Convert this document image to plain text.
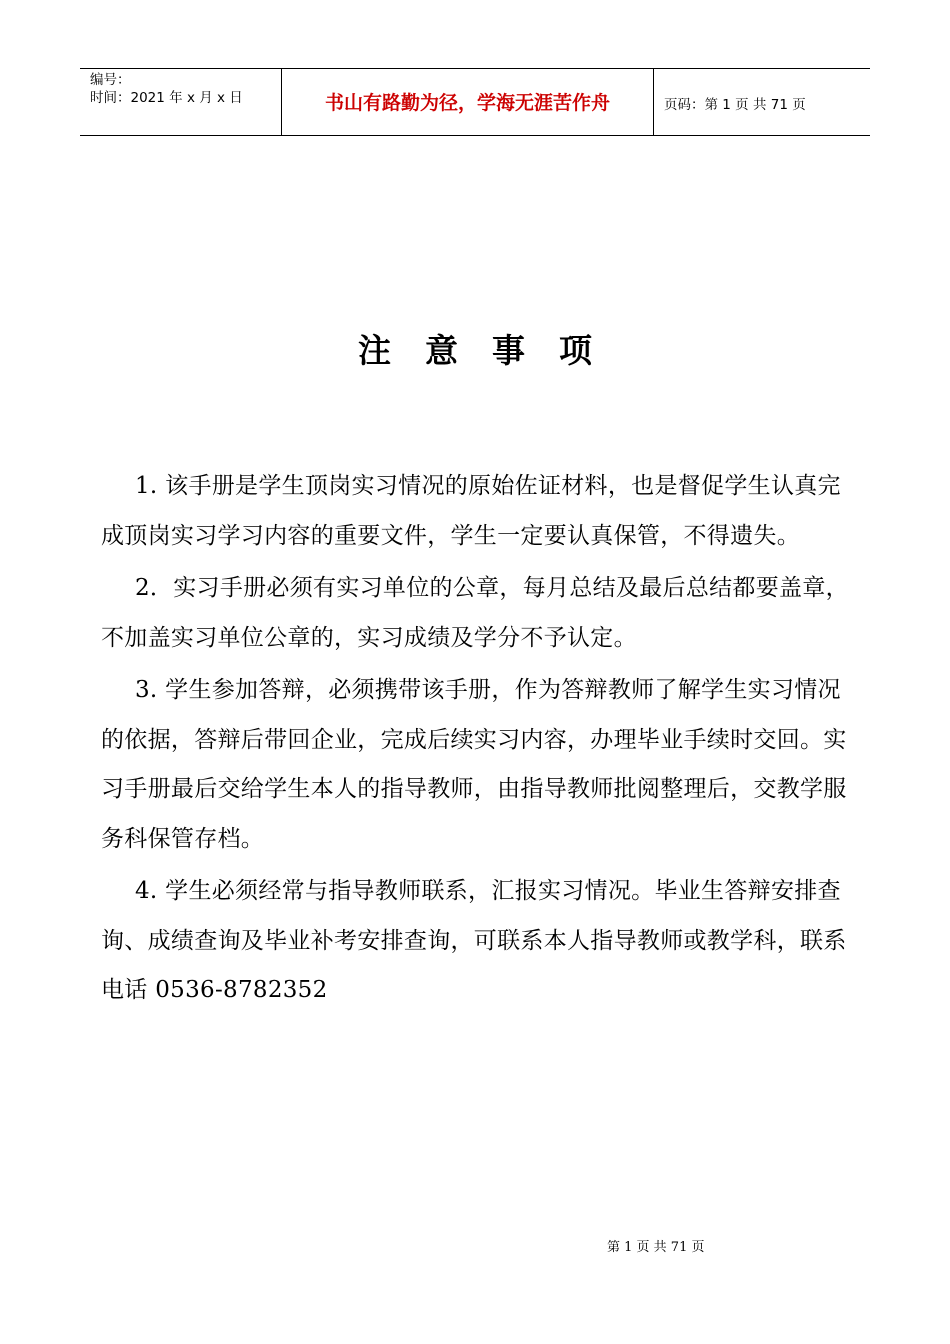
编号：
时间：2021 年 x 月 x 日	书山有路勤为径，学海无涯苦作舟	页码：第 1 页 共 71 页
注意事项

1. 该手册是学生顶岗实习情况的原始佐证材料，也是督促学生认真完成顶岗实习学习内容的重要文件，学生一定要认真保管，不得遗失。

2．实习手册必须有实习单位的公章，每月总结及最后总结都要盖章，不加盖实习单位公章的，实习成绩及学分不予认定。

3. 学生参加答辩，必须携带该手册，作为答辩教师了解学生实习情况的依据，答辩后带回企业，完成后续实习内容，办理毕业手续时交回。实习手册最后交给学生本人的指导教师，由指导教师批阅整理后，交教学服务科保管存档。

4. 学生必须经常与指导教师联系，汇报实习情况。毕业生答辩安排查询、成绩查询及毕业补考安排查询，可联系本人指导教师或教学科，联系电话 0536-8782352

第 1 页 共 71 页
